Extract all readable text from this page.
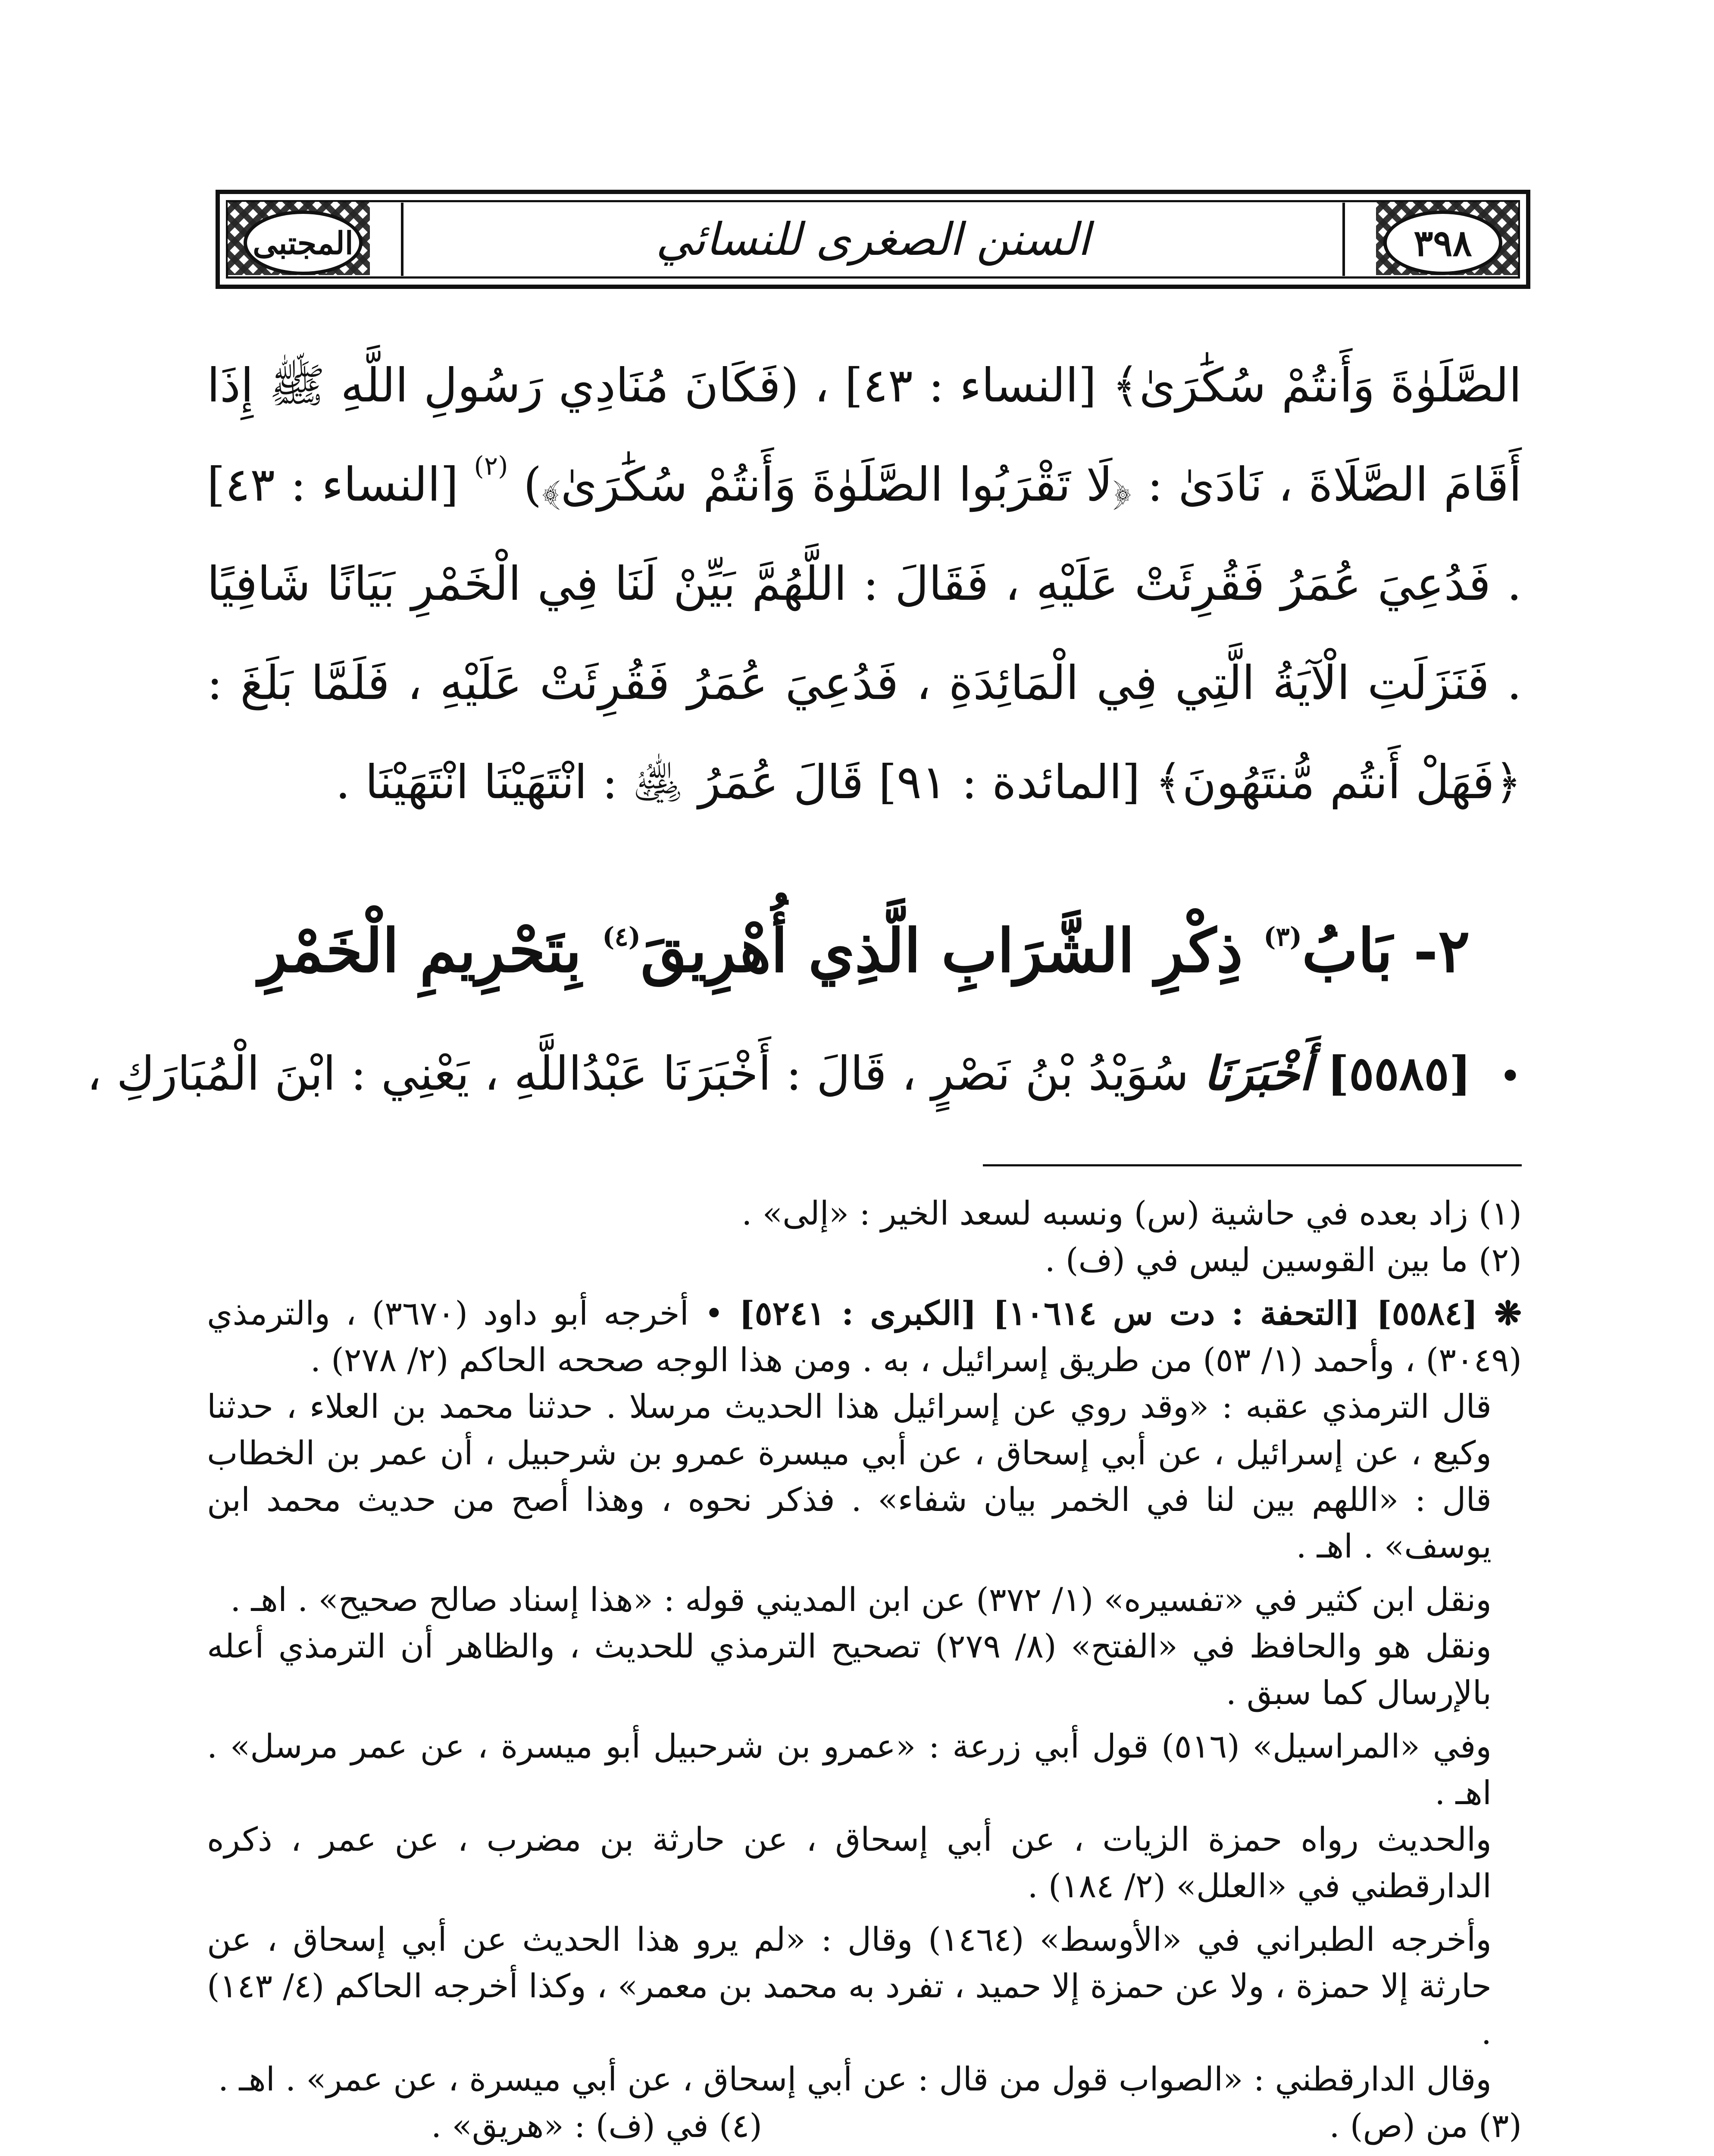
المجتبى	السنن الصغرى للنسائي	٣٩٨

الصَّلَوٰةَ وَأَنتُمْ سُكَٰرَىٰ﴾ [النساء : ٤٣] ، (فَكَانَ مُنَادِي رَسُولِ اللَّهِ ﷺ إِذَا أَقَامَ الصَّلَاةَ ، نَادَىٰ : ﴿لَا تَقْرَبُوا الصَّلَوٰةَ وَأَنتُمْ سُكَٰرَىٰ﴾) $^{(٢)}$ [النساء : ٤٣] . فَدُعِيَ عُمَرُ فَقُرِئَتْ عَلَيْهِ ، فَقَالَ : اللَّهُمَّ بَيِّنْ لَنَا فِي الْخَمْرِ بَيَانًا شَافِيًا . فَنَزَلَتِ الْآيَةُ الَّتِي فِي الْمَائِدَةِ ، فَدُعِيَ عُمَرُ فَقُرِئَتْ عَلَيْهِ ، فَلَمَّا بَلَغَ : ﴿فَهَلْ أَنتُم مُّنتَهُونَ﴾ [المائدة : ٩١] قَالَ عُمَرُ ﵁ : انْتَهَيْنَا انْتَهَيْنَا .

٢- بَابُ$^{(٣)}$ ذِكْرِ الشَّرَابِ الَّذِي أُهْرِيقَ$^{(٤)}$ بِتَحْرِيمِ الْخَمْرِ
• [٥٥٨٥] أَخْبَرَنَا سُوَيْدُ بْنُ نَصْرٍ ، قَالَ : أَخْبَرَنَا عَبْدُاللَّهِ ، يَعْنِي : ابْنَ الْمُبَارَكِ ،

(١) زاد بعده في حاشية (س) ونسبه لسعد الخير : «إلى» .

(٢) ما بين القوسين ليس في (ف) .

❋ [٥٥٨٤] [التحفة : دت س ١٠٦١٤] [الكبرى : ٥٢٤١] • أخرجه أبو داود (٣٦٧٠) ، والترمذي (٣٠٤٩) ، وأحمد (١/ ٥٣) من طريق إسرائيل ، به . ومن هذا الوجه صححه الحاكم (٢/ ٢٧٨) .

قال الترمذي عقبه : «وقد روي عن إسرائيل هذا الحديث مرسلا . حدثنا محمد بن العلاء ، حدثنا وكيع ، عن إسرائيل ، عن أبي إسحاق ، عن أبي ميسرة عمرو بن شرحبيل ، أن عمر بن الخطاب قال : «اللهم بين لنا في الخمر بيان شفاء» . فذكر نحوه ، وهذا أصح من حديث محمد ابن يوسف» . اهـ .

ونقل ابن كثير في «تفسيره» (١/ ٣٧٢) عن ابن المديني قوله : «هذا إسناد صالح صحيح» . اهـ .

ونقل هو والحافظ في «الفتح» (٨/ ٢٧٩) تصحيح الترمذي للحديث ، والظاهر أن الترمذي أعله بالإرسال كما سبق .

وفي «المراسيل» (٥١٦) قول أبي زرعة : «عمرو بن شرحبيل أبو ميسرة ، عن عمر مرسل» . اهـ .

والحديث رواه حمزة الزيات ، عن أبي إسحاق ، عن حارثة بن مضرب ، عن عمر ، ذكره الدارقطني في «العلل» (٢/ ١٨٤) .

وأخرجه الطبراني في «الأوسط» (١٤٦٤) وقال : «لم يرو هذا الحديث عن أبي إسحاق ، عن حارثة إلا حمزة ، ولا عن حمزة إلا حميد ، تفرد به محمد بن معمر» ، وكذا أخرجه الحاكم (٤/ ١٤٣) .

وقال الدارقطني : «الصواب قول من قال : عن أبي إسحاق ، عن أبي ميسرة ، عن عمر» . اهـ .

(٣) من (ص) .
(٤) في (ف) : «هريق» .
